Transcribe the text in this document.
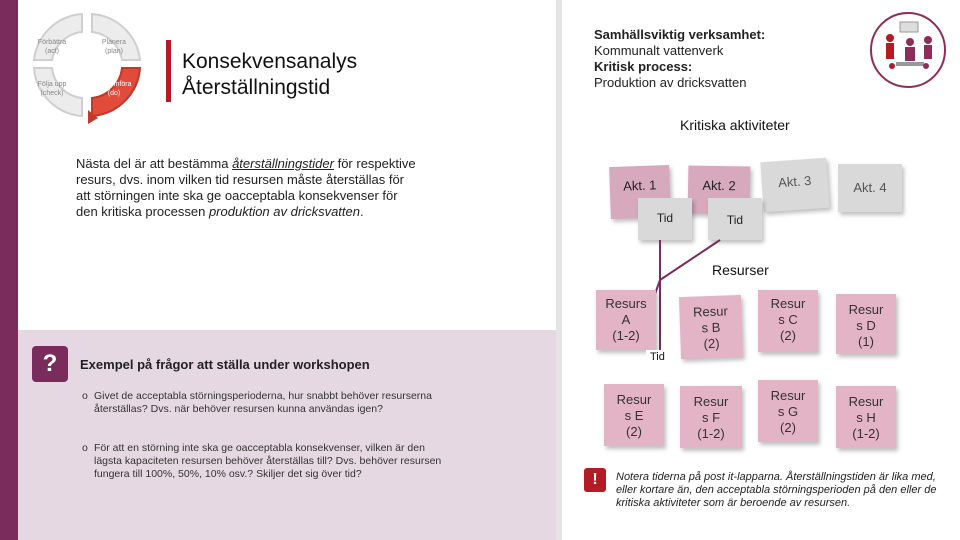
Förbättra
(act)
Planera
(plan)
Följa upp
(check)
Genomföra
(do)
Konsekvensanalys
Återställningstid
Nästa del är att bestämma återställningstider för respektive resurs, dvs. inom vilken tid resursen måste återställas för att störningen inte ska ge oacceptabla konsekvenser för den kritiska processen produktion av dricksvatten.
?	Exempel på frågor att ställa under workshopen
o Givet de acceptabla störningsperioderna, hur snabbt behöver resurserna återställas? Dvs. när behöver resursen kunna användas igen?
o För att en störning inte ska ge oacceptabla konsekvenser, vilken är den lägsta kapaciteten resursen behöver återställas till? Dvs. behöver resursen fungera till 100%, 50%, 10% osv.? Skiljer det sig över tid?
Samhällsviktig verksamhet:
Kommunalt vattenverk
Kritisk process:
Produktion av dricksvatten
Kritiska aktiviteter
Akt. 1	Akt. 2	Akt. 3	Akt. 4
Tid	Tid
Resurser
Resurs
A
(1-2)
Resur
s B
(2)
Resur
s C
(2)
Resur
s D
(1)
Tid
Resur
s E
(2)
Resur
s F
(1-2)
Resur
s G
(2)
Resur
s H
(1-2)
!	Notera tiderna på post it-lapparna. Återställningstiden är lika med, eller kortare än, den acceptabla störningsperioden på den eller de kritiska aktiviteter som är beroende av resursen.
